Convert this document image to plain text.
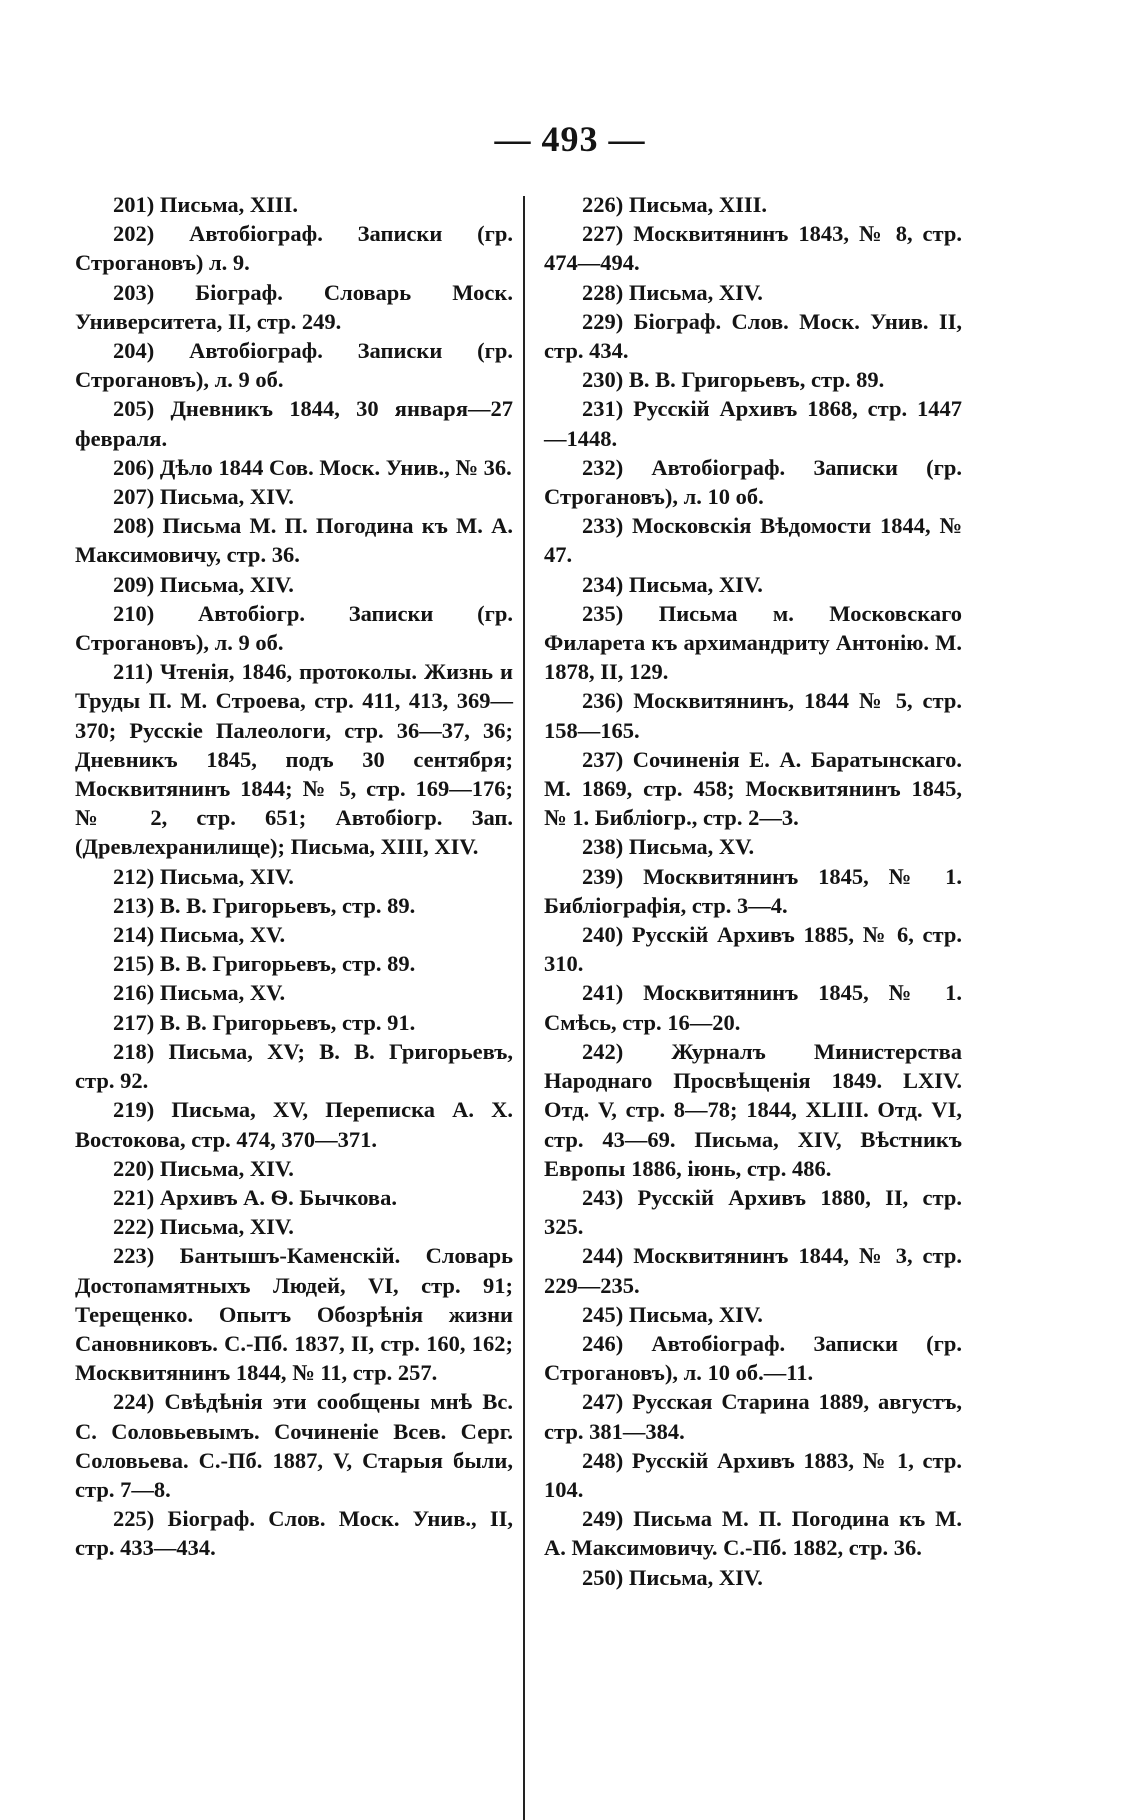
— 493 —

201) Письма, XIII.

202) Автобіограф. Записки (гр. Строгановъ) л. 9.

203) Біограф. Словарь Моск. Университета, II, стр. 249.

204) Автобіограф. Записки (гр. Строгановъ), л. 9 об.

205) Дневникъ 1844, 30 января—27 февраля.

206) Дѣло 1844 Сов. Моск. Унив., № 36.

207) Письма, XIV.

208) Письма М. П. Погодина къ М. А. Максимовичу, стр. 36.

209) Письма, XIV.

210) Автобіогр. Записки (гр. Строгановъ), л. 9 об.

211) Чтенія, 1846, протоколы. Жизнь и Труды П. М. Строева, стр. 411, 413, 369—370; Русскіе Палеологи, стр. 36—37, 36; Дневникъ 1845, подъ 30 сентября; Москвитянинъ 1844; № 5, стр. 169—176; № 2, стр. 651; Автобіогр. Зап. (Древлехранилище); Письма, XIII, XIV.

212) Письма, XIV.

213) В. В. Григорьевъ, стр. 89.

214) Письма, XV.

215) В. В. Григорьевъ, стр. 89.

216) Письма, XV.

217) В. В. Григорьевъ, стр. 91.

218) Письма, XV; В. В. Григорьевъ, стр. 92.

219) Письма, XV, Переписка А. Х. Востокова, стр. 474, 370—371.

220) Письма, XIV.

221) Архивъ А. Ѳ. Бычкова.

222) Письма, XIV.

223) Бантышъ-Каменскій. Словарь Достопамятныхъ Людей, VI, стр. 91; Терещенко. Опытъ Обозрѣнія жизни Сановниковъ. С.-Пб. 1837, II, стр. 160, 162; Москвитянинъ 1844, № 11, стр. 257.

224) Свѣдѣнія эти сообщены мнѣ Вс. С. Соловьевымъ. Сочиненіе Всев. Серг. Соловьева. С.-Пб. 1887, V, Старыя были, стр. 7—8.

225) Біограф. Слов. Моск. Унив., II, стр. 433—434.

226) Письма, XIII.

227) Москвитянинъ 1843, № 8, стр. 474—494.

228) Письма, XIV.

229) Біограф. Слов. Моск. Унив. II, стр. 434.

230) В. В. Григорьевъ, стр. 89.

231) Русскій Архивъ 1868, стр. 1447—1448.

232) Автобіограф. Записки (гр. Строгановъ), л. 10 об.

233) Московскія Вѣдомости 1844, № 47.

234) Письма, XIV.

235) Письма м. Московскаго Филарета къ архимандриту Антонію. М. 1878, II, 129.

236) Москвитянинъ, 1844 № 5, стр. 158—165.

237) Сочиненія Е. А. Баратынскаго. М. 1869, стр. 458; Москвитянинъ 1845, № 1. Библіогр., стр. 2—3.

238) Письма, XV.

239) Москвитянинъ 1845, № 1. Библіографія, стр. 3—4.

240) Русскій Архивъ 1885, № 6, стр. 310.

241) Москвитянинъ 1845, № 1. Смѣсь, стр. 16—20.

242) Журналъ Министерства Народнаго Просвѣщенія 1849. LXIV. Отд. V, стр. 8—78; 1844, XLIII. Отд. VI, стр. 43—69. Письма, XIV, Вѣстникъ Европы 1886, іюнь, стр. 486.

243) Русскій Архивъ 1880, II, стр. 325.

244) Москвитянинъ 1844, № 3, стр. 229—235.

245) Письма, XIV.

246) Автобіограф. Записки (гр. Строгановъ), л. 10 об.—11.

247) Русская Старина 1889, августъ, стр. 381—384.

248) Русскій Архивъ 1883, № 1, стр. 104.

249) Письма М. П. Погодина къ М. А. Максимовичу. С.-Пб. 1882, стр. 36.

250) Письма, XIV.
